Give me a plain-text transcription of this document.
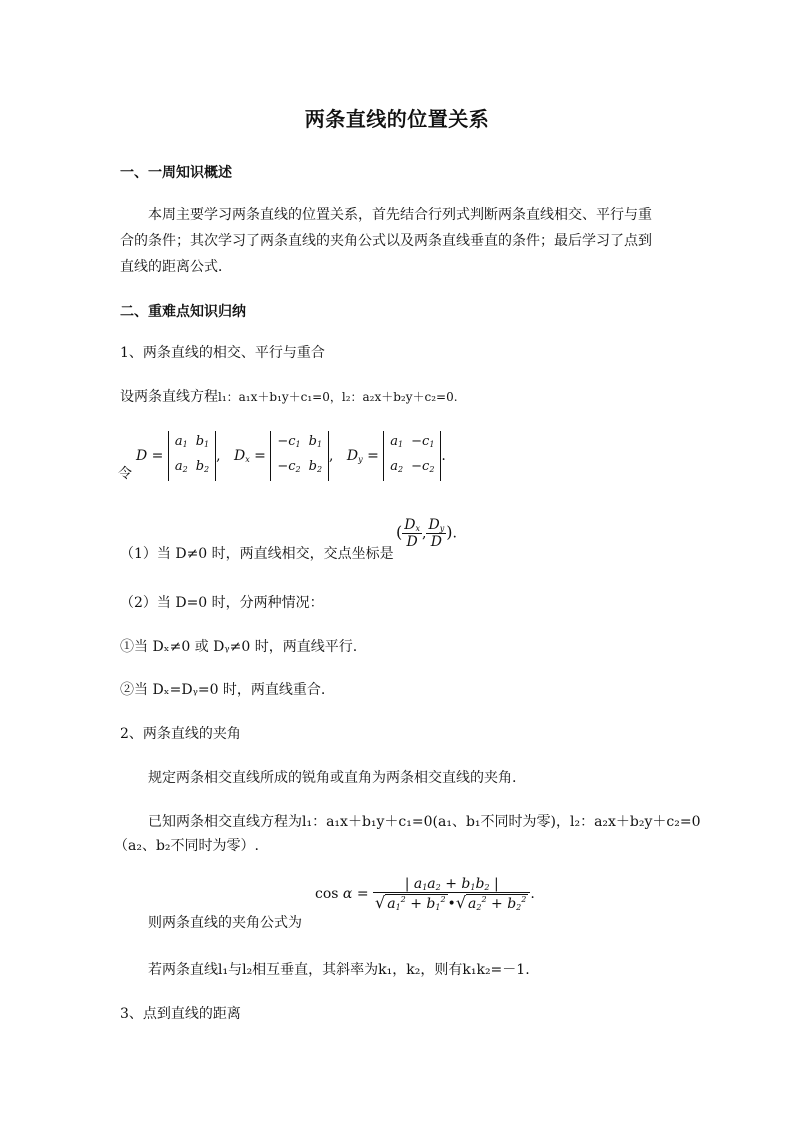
两条直线的位置关系
一、一周知识概述
本周主要学习两条直线的位置关系，首先结合行列式判断两条直线相交、平行与重
合的条件；其次学习了两条直线的夹角公式以及两条直线垂直的条件；最后学习了点到
直线的距离公式．
二、重难点知识归纳
1、两条直线的相交、平行与重合
设两条直线方程l₁：a₁x＋b₁y＋c₁=0，l₂：a₂x＋b₂y＋c₂=0.
令
D =
$a_1$	$b_1$
$a_2$	$b_2$
,   $D_x$ =
$-c_1$	$b_1$
$-c_2$	$b_2$
,   $D_y$ =
$a_1$	$-c_1$
$a_2$	$-c_2$
.
（1）当 D≠0 时，两直线相交，交点坐标是
( $\frac{D_x}{D}$ , $\frac{D_y}{D}$ ).
（2）当 D=0 时，分两种情况：
①当 Dₓ≠0 或 Dᵧ≠0 时，两直线平行.
②当 Dₓ=Dᵧ=0 时，两直线重合.
2、两条直线的夹角
规定两条相交直线所成的锐角或直角为两条相交直线的夹角.
已知两条相交直线方程为l₁：a₁x＋b₁y＋c₁=0(a₁、b₁不同时为零)，l₂：a₂x＋b₂y＋c₂=0
（a₂、b₂不同时为零）.
则两条直线的夹角公式为
$\cos \alpha = \frac{| a_1a_2 + b_1b_2 |}{√ a_1^2 + b_1^2 •√ a_2^2 + b_2^2}$ .
若两条直线l₁与l₂相互垂直，其斜率为k₁，k₂，则有k₁k₂=－1.
3、点到直线的距离
